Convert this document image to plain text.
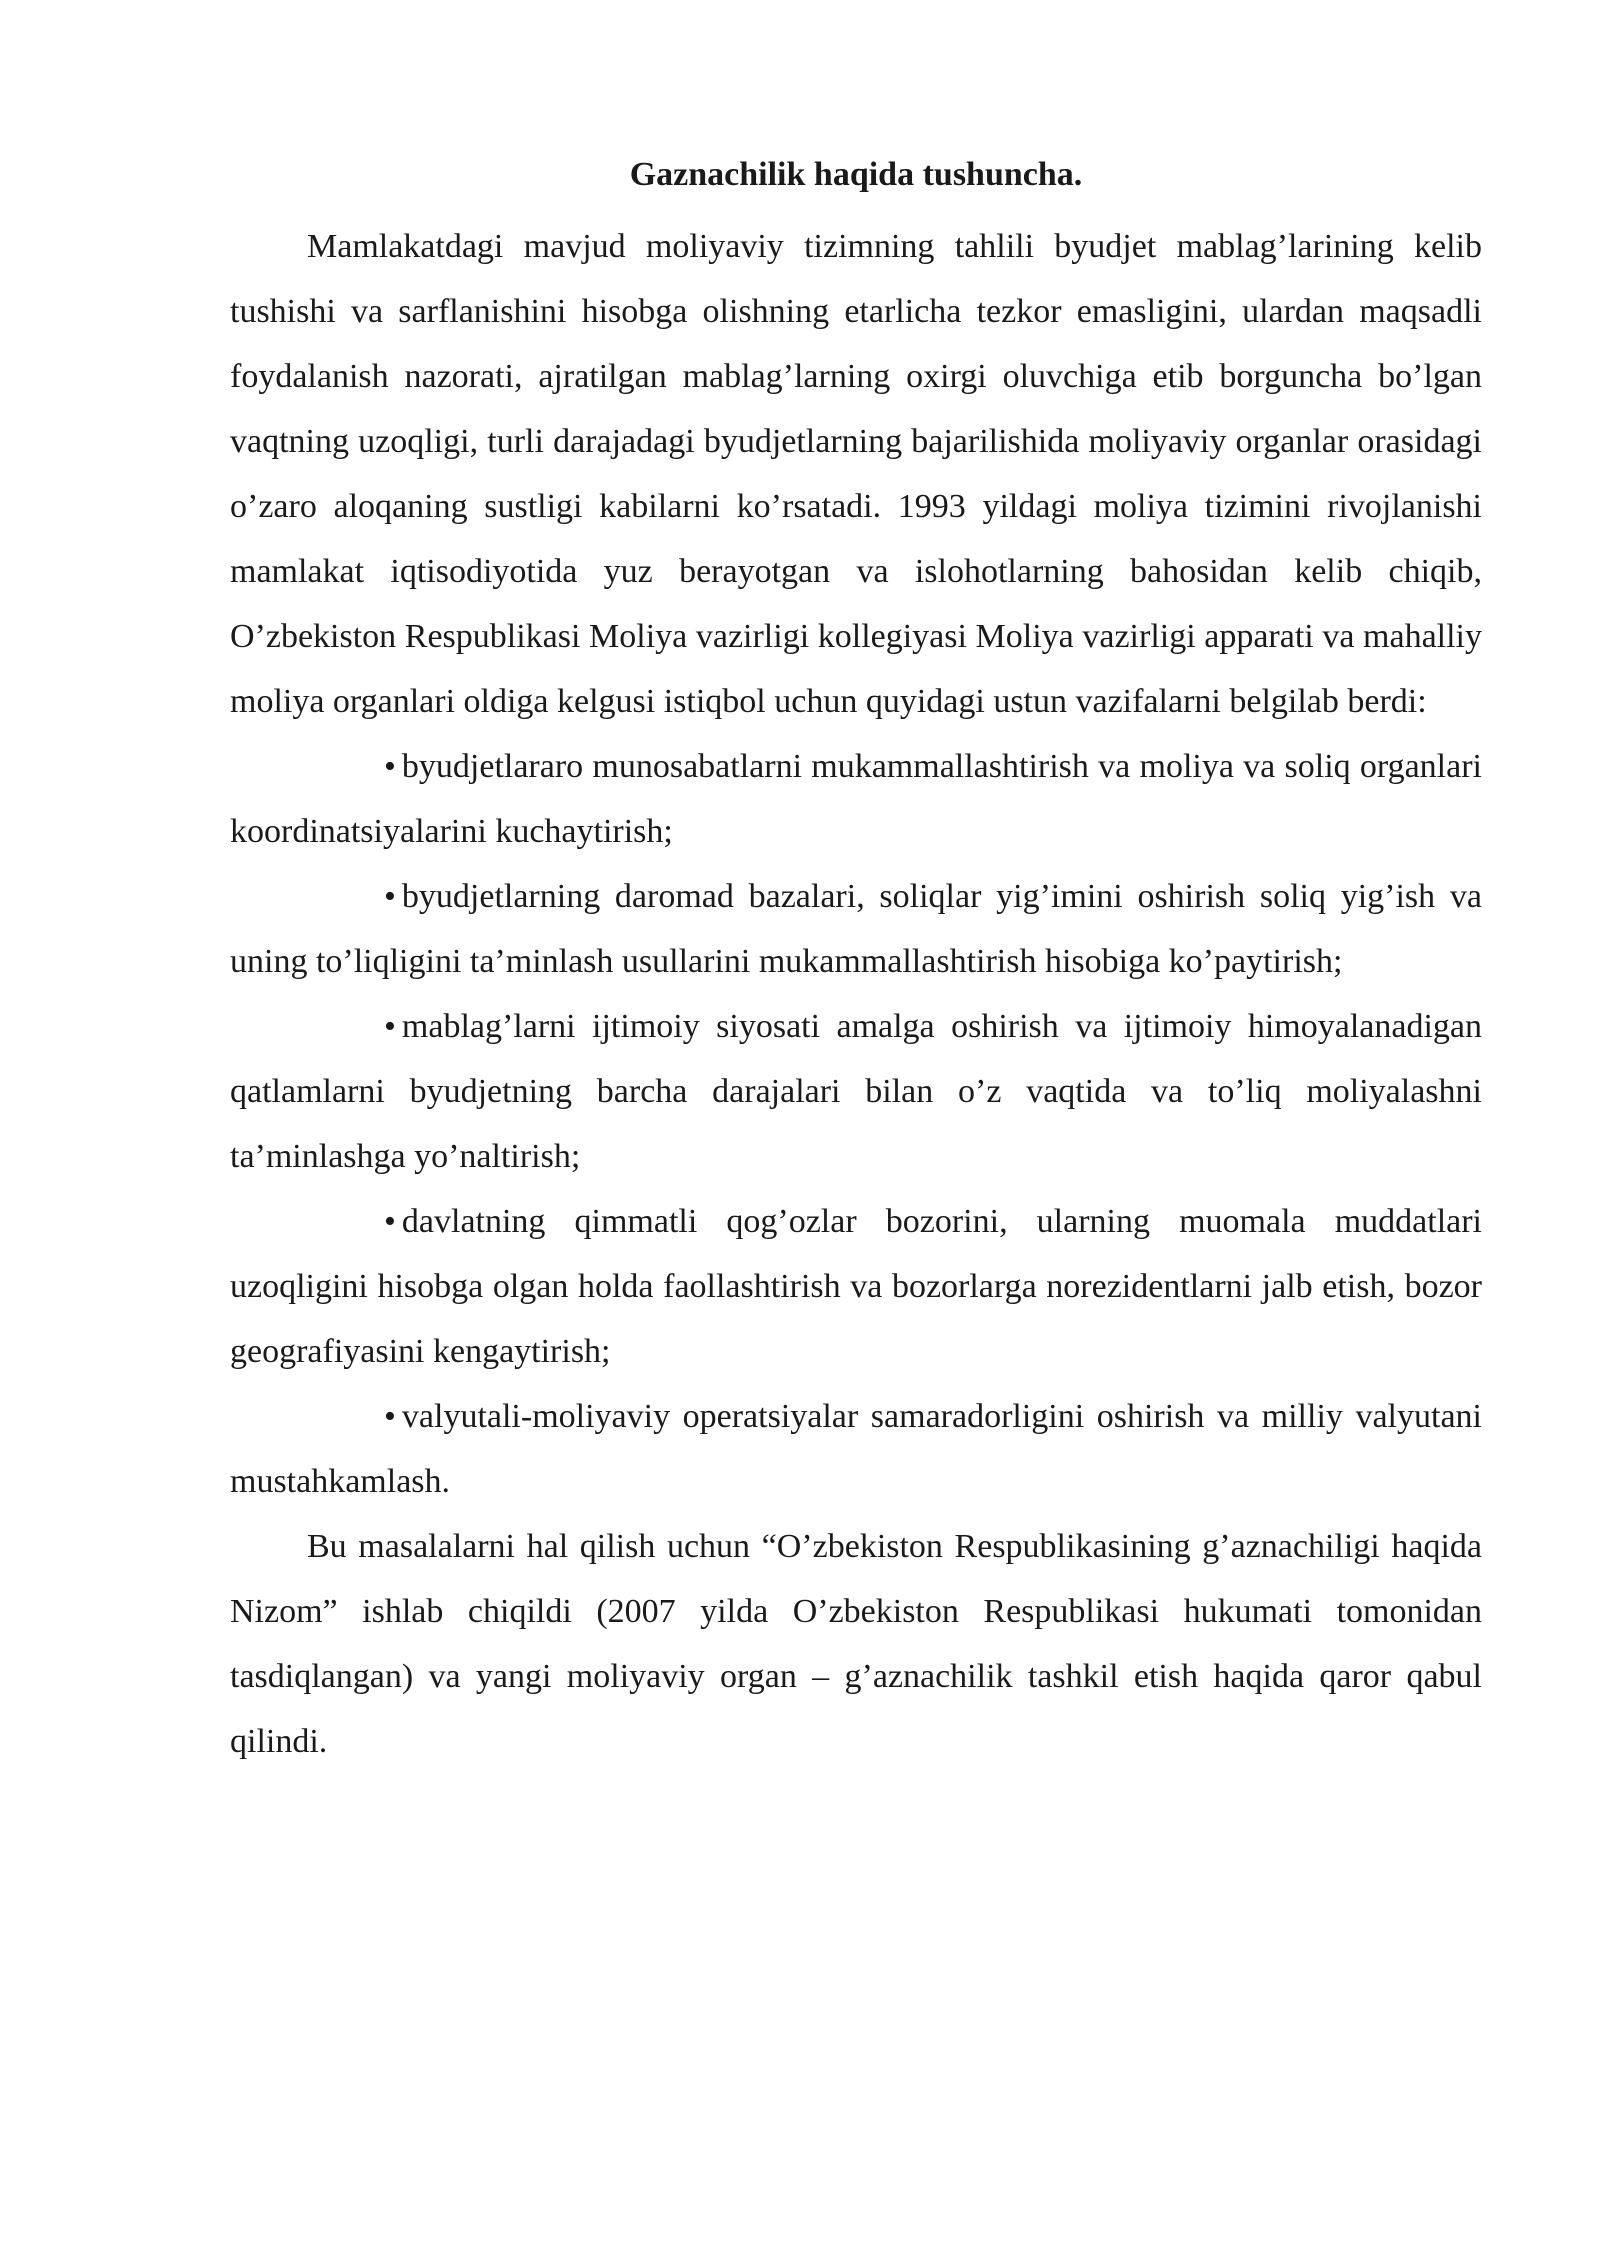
Gaznachilik haqida tushuncha.

Mamlakatdagi mavjud moliyaviy tizimning tahlili byudjet mablag’larining kelib tushishi va sarflanishini hisobga olishning etarlicha tezkor emasligini, ulardan maqsadli foydalanish nazorati, ajratilgan mablag’larning oxirgi oluvchiga etib borguncha bo’lgan vaqtning uzoqligi, turli darajadagi byudjetlarning bajarilishida moliyaviy organlar orasidagi o’zaro aloqaning sustligi kabilarni ko’rsatadi. 1993 yildagi moliya tizimini rivojlanishi mamlakat iqtisodiyotida yuz berayotgan va islohotlarning bahosidan kelib chiqib, O’zbekiston Respublikasi Moliya vazirligi kollegiyasi Moliya vazirligi apparati va mahalliy moliya organlari oldiga kelgusi istiqbol uchun quyidagi ustun vazifalarni belgilab berdi:

• byudjetlararo munosabatlarni mukammallashtirish va moliya va soliq organlari koordinatsiyalarini kuchaytirish;

• byudjetlarning daromad bazalari, soliqlar yig’imini oshirish soliq yig’ish va uning to’liqligini ta’minlash usullarini mukammallashtirish hisobiga ko’paytirish;

• mablag’larni ijtimoiy siyosati amalga oshirish va ijtimoiy himoyalanadigan qatlamlarni byudjetning barcha darajalari bilan o’z vaqtida va to’liq moliyalashni ta’minlashga yo’naltirish;

• davlatning qimmatli qog’ozlar bozorini, ularning muomala muddatlari uzoqligini hisobga olgan holda faollashtirish va bozorlarga norezidentlarni jalb etish, bozor geografiyasini kengaytirish;

• valyutali-moliyaviy operatsiyalar samaradorligini oshirish va milliy valyutani mustahkamlash.

Bu masalalarni hal qilish uchun “O’zbekiston Respublikasining g’aznachiligi haqida Nizom” ishlab chiqildi (2007 yilda O’zbekiston Respublikasi hukumati tomonidan tasdiqlangan) va yangi moliyaviy organ – g’aznachilik tashkil etish haqida qaror qabul qilindi.
